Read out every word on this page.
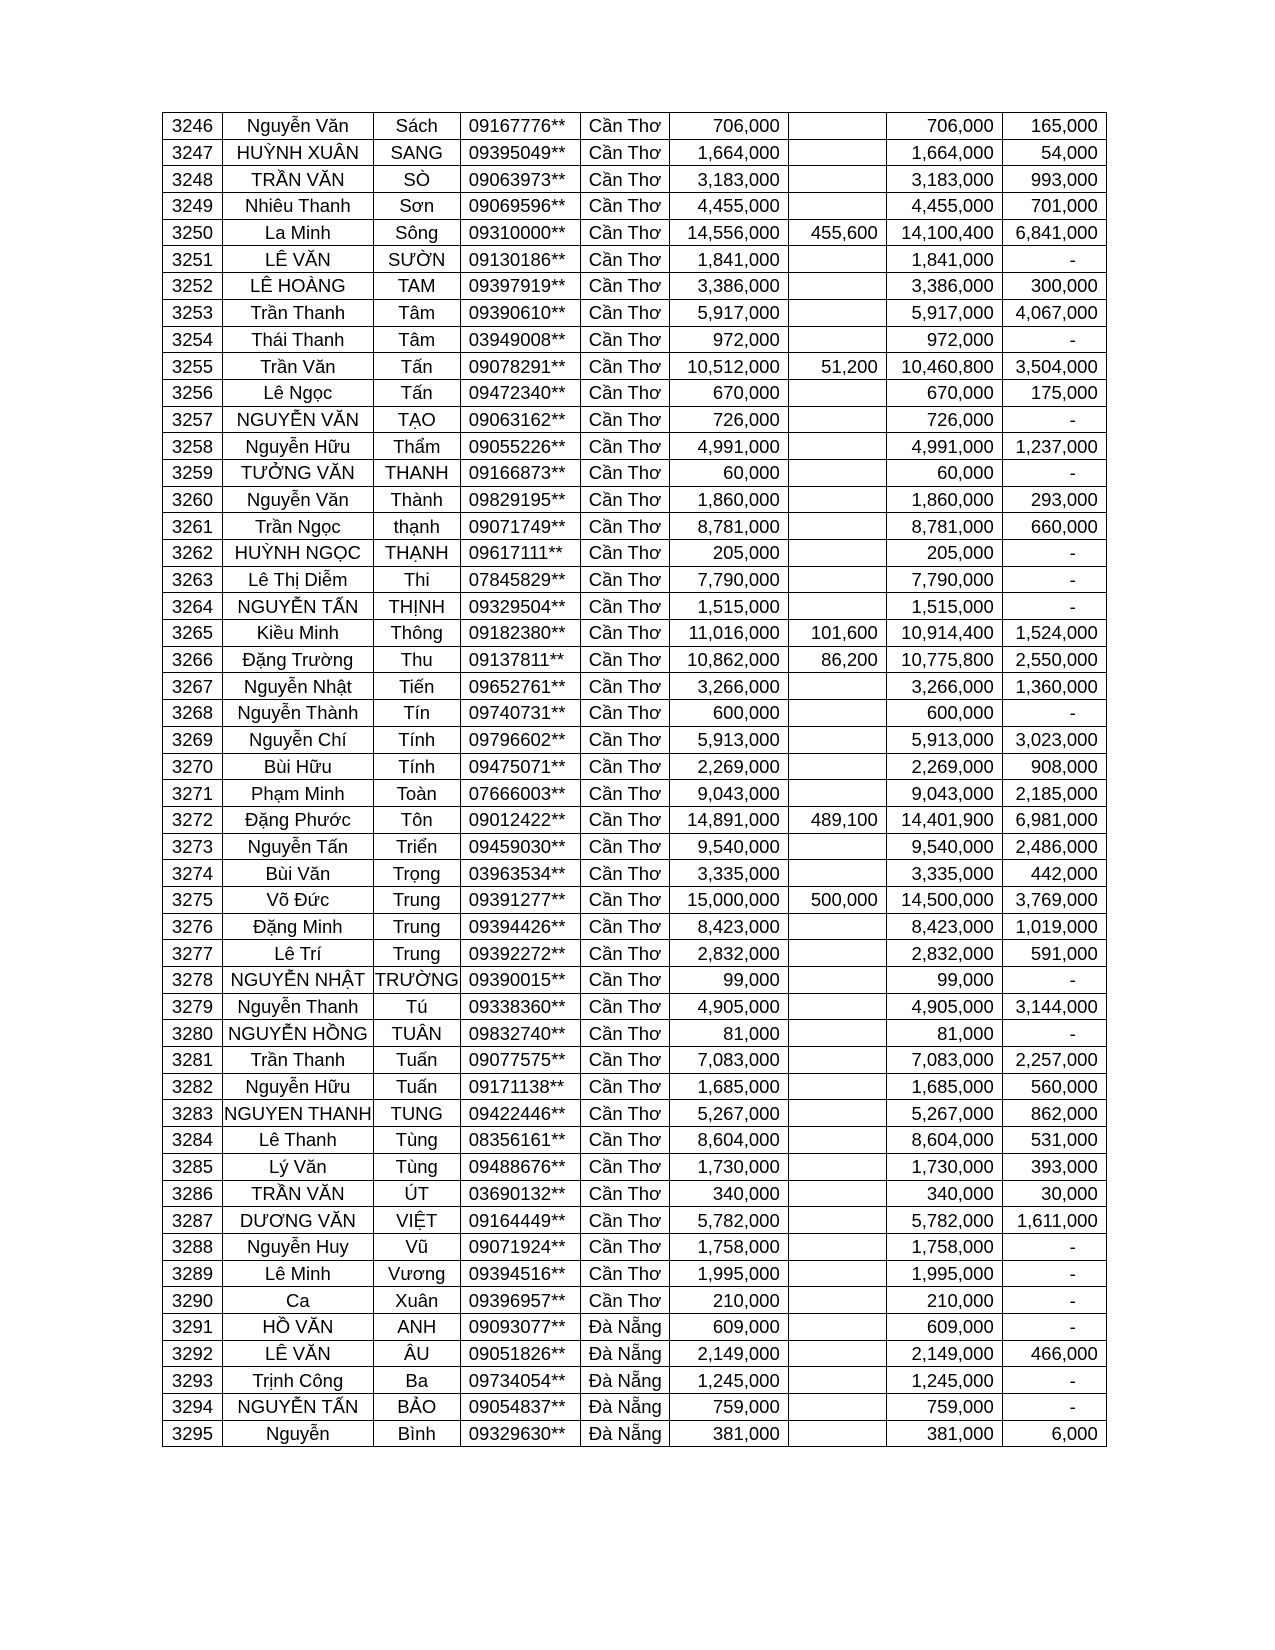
3246	Nguyễn Văn	Sách	09167776**	Cần Thơ	706,000		706,000	165,000
3247	HUỲNH XUÂN	SANG	09395049**	Cần Thơ	1,664,000		1,664,000	54,000
3248	TRẦN VĂN	SÒ	09063973**	Cần Thơ	3,183,000		3,183,000	993,000
3249	Nhiêu Thanh	Sơn	09069596**	Cần Thơ	4,455,000		4,455,000	701,000
3250	La Minh	Sông	09310000**	Cần Thơ	14,556,000	455,600	14,100,400	6,841,000
3251	LÊ VĂN	SƯỜN	09130186**	Cần Thơ	1,841,000		1,841,000	-
3252	LÊ HOÀNG	TAM	09397919**	Cần Thơ	3,386,000		3,386,000	300,000
3253	Trần Thanh	Tâm	09390610**	Cần Thơ	5,917,000		5,917,000	4,067,000
3254	Thái Thanh	Tâm	03949008**	Cần Thơ	972,000		972,000	-
3255	Trần Văn	Tấn	09078291**	Cần Thơ	10,512,000	51,200	10,460,800	3,504,000
3256	Lê Ngọc	Tấn	09472340**	Cần Thơ	670,000		670,000	175,000
3257	NGUYỄN VĂN	TẠO	09063162**	Cần Thơ	726,000		726,000	-
3258	Nguyễn Hữu	Thẩm	09055226**	Cần Thơ	4,991,000		4,991,000	1,237,000
3259	TƯỞNG VĂN	THANH	09166873**	Cần Thơ	60,000		60,000	-
3260	Nguyễn Văn	Thành	09829195**	Cần Thơ	1,860,000		1,860,000	293,000
3261	Trần Ngọc	thạnh	09071749**	Cần Thơ	8,781,000		8,781,000	660,000
3262	HUỲNH NGỌC	THẠNH	09617111**	Cần Thơ	205,000		205,000	-
3263	Lê Thị Diễm	Thi	07845829**	Cần Thơ	7,790,000		7,790,000	-
3264	NGUYỄN TẤN	THỊNH	09329504**	Cần Thơ	1,515,000		1,515,000	-
3265	Kiều Minh	Thông	09182380**	Cần Thơ	11,016,000	101,600	10,914,400	1,524,000
3266	Đặng Trường	Thu	09137811**	Cần Thơ	10,862,000	86,200	10,775,800	2,550,000
3267	Nguyễn Nhật	Tiến	09652761**	Cần Thơ	3,266,000		3,266,000	1,360,000
3268	Nguyễn Thành	Tín	09740731**	Cần Thơ	600,000		600,000	-
3269	Nguyễn Chí	Tính	09796602**	Cần Thơ	5,913,000		5,913,000	3,023,000
3270	Bùi Hữu	Tính	09475071**	Cần Thơ	2,269,000		2,269,000	908,000
3271	Phạm Minh	Toàn	07666003**	Cần Thơ	9,043,000		9,043,000	2,185,000
3272	Đặng Phước	Tôn	09012422**	Cần Thơ	14,891,000	489,100	14,401,900	6,981,000
3273	Nguyễn Tấn	Triển	09459030**	Cần Thơ	9,540,000		9,540,000	2,486,000
3274	Bùi Văn	Trọng	03963534**	Cần Thơ	3,335,000		3,335,000	442,000
3275	Võ Đức	Trung	09391277**	Cần Thơ	15,000,000	500,000	14,500,000	3,769,000
3276	Đặng Minh	Trung	09394426**	Cần Thơ	8,423,000		8,423,000	1,019,000
3277	Lê Trí	Trung	09392272**	Cần Thơ	2,832,000		2,832,000	591,000
3278	NGUYỄN NHẬT	TRƯỜNG	09390015**	Cần Thơ	99,000		99,000	-
3279	Nguyễn Thanh	Tú	09338360**	Cần Thơ	4,905,000		4,905,000	3,144,000
3280	NGUYỄN HỒNG	TUÂN	09832740**	Cần Thơ	81,000		81,000	-
3281	Trần Thanh	Tuấn	09077575**	Cần Thơ	7,083,000		7,083,000	2,257,000
3282	Nguyễn Hữu	Tuấn	09171138**	Cần Thơ	1,685,000		1,685,000	560,000
3283	NGUYEN THANH	TUNG	09422446**	Cần Thơ	5,267,000		5,267,000	862,000
3284	Lê Thanh	Tùng	08356161**	Cần Thơ	8,604,000		8,604,000	531,000
3285	Lý Văn	Tùng	09488676**	Cần Thơ	1,730,000		1,730,000	393,000
3286	TRẦN VĂN	ÚT	03690132**	Cần Thơ	340,000		340,000	30,000
3287	DƯƠNG VĂN	VIỆT	09164449**	Cần Thơ	5,782,000		5,782,000	1,611,000
3288	Nguyễn Huy	Vũ	09071924**	Cần Thơ	1,758,000		1,758,000	-
3289	Lê Minh	Vương	09394516**	Cần Thơ	1,995,000		1,995,000	-
3290	Ca	Xuân	09396957**	Cần Thơ	210,000		210,000	-
3291	HỒ VĂN	ANH	09093077**	Đà Nẵng	609,000		609,000	-
3292	LÊ VĂN	ÂU	09051826**	Đà Nẵng	2,149,000		2,149,000	466,000
3293	Trịnh Công	Ba	09734054**	Đà Nẵng	1,245,000		1,245,000	-
3294	NGUYỄN TẤN	BẢO	09054837**	Đà Nẵng	759,000		759,000	-
3295	Nguyễn	Bình	09329630**	Đà Nẵng	381,000		381,000	6,000
